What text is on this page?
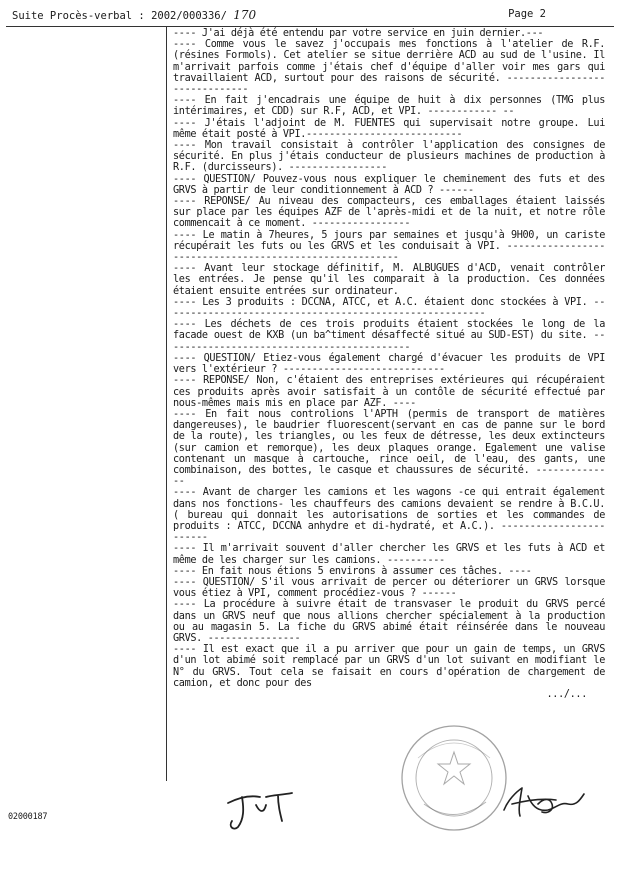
Suite Procès-verbal : 2002/000336/ 170	Page 2

---- J'ai déjà été entendu par votre service en juin dernier.---

---- Comme vous le savez j'occupais mes fonctions à l'atelier de R.F. (résines Formols). Cet atelier se situe derrière ACD au sud de l'usine. Il m'arrivait parfois comme j'étais chef d'équipe d'aller voir mes gars qui travaillaient ACD, surtout pour des raisons de sécurité. ------------------------------

---- En fait j'encadrais une équipe de huit à dix personnes (TMG plus intérimaires, et CDD) sur R.F, ACD, et VPI. ------------ --

---- J'étais l'adjoint de M. FUENTES qui supervisait notre groupe. Lui même était posté à VPI.---------------------------

---- Mon travail consistait à contrôler l'application des consignes de sécurité. En plus j'étais conducteur de plusieurs machines de production à R.F. (durcisseurs). -----------------

---- QUESTION/ Pouvez-vous nous expliquer le cheminement des futs et des GRVS à partir de leur conditionnement à ACD ? ------

---- REPONSE/ Au niveau des compacteurs, ces emballages étaient laissés sur place par les équipes AZF de l'après-midi et de la nuit, et notre rôle commencait à ce moment. -----------------

---- Le matin à 7heures, 5 jours par semaines et jusqu'à 9H00, un cariste récupérait les futs ou les GRVS et les conduisait à VPI. --------------------------------------------------------

---- Avant leur stockage définitif, M. ALBUGUES d'ACD, venait contrôler les entrées. Je pense qu'il les comparait à la production. Ces données étaient ensuite entrées sur ordinateur.

---- Les 3 produits : DCCNA, ATCC, et A.C. étaient donc stockées à VPI. --------------------------------------------------------

---- Les déchets de ces trois produits étaient stockées le long de la facade ouest de KXB (un ba^timent désaffecté situé au SUD-EST) du site. -------------------------------------------

---- QUESTION/ Etiez-vous également chargé d'évacuer les produits de VPI vers l'extérieur ? ----------------------------

---- REPONSE/ Non, c'étaient des entreprises extérieures qui récupéraient ces produits après avoir satisfait à un contôle de sécurité effectué par nous-mêmes mais mis en place par AZF. ----

---- En fait nous controlions l'APTH (permis de transport de matières dangereuses), le baudrier fluorescent(servant en cas de panne sur le bord de la route), les triangles, ou les feux de détresse, les deux extincteurs (sur camion et remorque), les deux plaques orange. Egalement une valise contenant un masque à cartouche, rince oeil, de l'eau, des gants, une combinaison, des bottes, le casque et chaussures de sécurité. --------------

---- Avant de charger les camions et les wagons -ce qui entrait également dans nos fonctions- les chauffeurs des camions devaient se rendre à B.C.U. ( bureau qui donnait les autorisations de sorties et les commandes de produits : ATCC, DCCNA anhydre et di-hydraté, et A.C.). ------------------------

---- Il m'arrivait souvent d'aller chercher les GRVS et les futs à ACD et même de les charger sur les camions. ----------

---- En fait nous étions 5 environs à assumer ces tâches. ----

---- QUESTION/ S'il vous arrivait de percer ou déteriorer un GRVS lorsque vous étiez à VPI, comment procédiez-vous ? ------

---- La procédure à suivre était de transvaser le produit du GRVS percé dans un GRVS neuf que nous allions chercher spécialement à la production ou au magasin 5. La fiche du GRVS abimé était réinsérée dans le nouveau GRVS. ----------------

---- Il est exact que il a pu arriver que pour un gain de temps, un GRVS d'un lot abimé soit remplacé par un GRVS d'un lot suivant en modifiant le N° du GRVS. Tout cela se faisait en cours d'opération de chargement de camion, et donc pour des

.../...

02000187
